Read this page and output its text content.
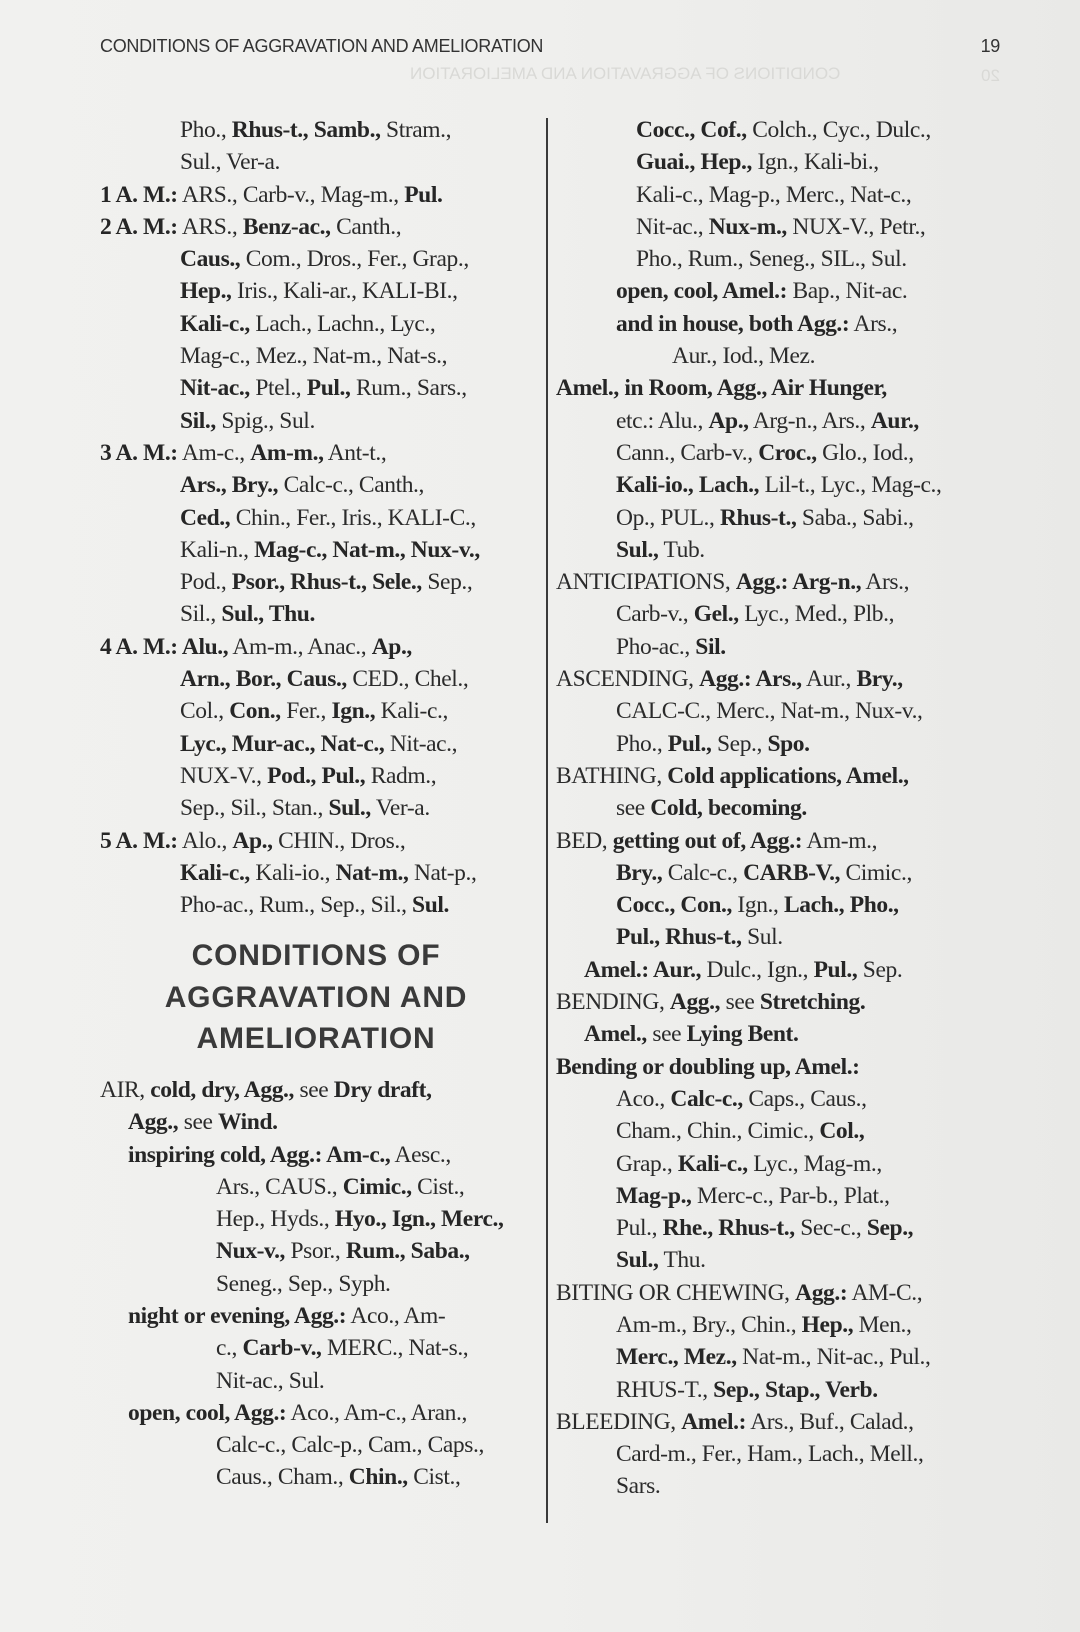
CONDITIONS OF AGGRAVATION AND AMELIORATION	19
20
CONDITIONS OF AGGRAVATION AND AMELIORATION
Pho., Rhus-t., Samb., Stram.,
Sul., Ver-a.
1 A. M.: ARS., Carb-v., Mag-m., Pul.
2 A. M.: ARS., Benz-ac., Canth.,
Caus., Com., Dros., Fer., Grap.,
Hep., Iris., Kali-ar., KALI-BI.,
Kali-c., Lach., Lachn., Lyc.,
Mag-c., Mez., Nat-m., Nat-s.,
Nit-ac., Ptel., Pul., Rum., Sars.,
Sil., Spig., Sul.
3 A. M.: Am-c., Am-m., Ant-t.,
Ars., Bry., Calc-c., Canth.,
Ced., Chin., Fer., Iris., KALI-C.,
Kali-n., Mag-c., Nat-m., Nux-v.,
Pod., Psor., Rhus-t., Sele., Sep.,
Sil., Sul., Thu.
4 A. M.: Alu., Am-m., Anac., Ap.,
Arn., Bor., Caus., CED., Chel.,
Col., Con., Fer., Ign., Kali-c.,
Lyc., Mur-ac., Nat-c., Nit-ac.,
NUX-V., Pod., Pul., Radm.,
Sep., Sil., Stan., Sul., Ver-a.
5 A. M.: Alo., Ap., CHIN., Dros.,
Kali-c., Kali-io., Nat-m., Nat-p.,
Pho-ac., Rum., Sep., Sil., Sul.
CONDITIONS OF
AGGRAVATION AND
AMELIORATION
AIR, cold, dry, Agg., see Dry draft,
Agg., see Wind.
inspiring cold, Agg.: Am-c., Aesc.,
Ars., CAUS., Cimic., Cist.,
Hep., Hyds., Hyo., Ign., Merc.,
Nux-v., Psor., Rum., Saba.,
Seneg., Sep., Syph.
night or evening, Agg.: Aco., Am-
c., Carb-v., MERC., Nat-s.,
Nit-ac., Sul.
open, cool, Agg.: Aco., Am-c., Aran.,
Calc-c., Calc-p., Cam., Caps.,
Caus., Cham., Chin., Cist.,
Cocc., Cof., Colch., Cyc., Dulc.,
Guai., Hep., Ign., Kali-bi.,
Kali-c., Mag-p., Merc., Nat-c.,
Nit-ac., Nux-m., NUX-V., Petr.,
Pho., Rum., Seneg., SIL., Sul.
open, cool, Amel.: Bap., Nit-ac.
and in house, both Agg.: Ars.,
Aur., Iod., Mez.
Amel., in Room, Agg., Air Hunger,
etc.: Alu., Ap., Arg-n., Ars., Aur.,
Cann., Carb-v., Croc., Glo., Iod.,
Kali-io., Lach., Lil-t., Lyc., Mag-c.,
Op., PUL., Rhus-t., Saba., Sabi.,
Sul., Tub.
ANTICIPATIONS, Agg.: Arg-n., Ars.,
Carb-v., Gel., Lyc., Med., Plb.,
Pho-ac., Sil.
ASCENDING, Agg.: Ars., Aur., Bry.,
CALC-C., Merc., Nat-m., Nux-v.,
Pho., Pul., Sep., Spo.
BATHING, Cold applications, Amel.,
see Cold, becoming.
BED, getting out of, Agg.: Am-m.,
Bry., Calc-c., CARB-V., Cimic.,
Cocc., Con., Ign., Lach., Pho.,
Pul., Rhus-t., Sul.
Amel.: Aur., Dulc., Ign., Pul., Sep.
BENDING, Agg., see Stretching.
Amel., see Lying Bent.
Bending or doubling up, Amel.:
Aco., Calc-c., Caps., Caus.,
Cham., Chin., Cimic., Col.,
Grap., Kali-c., Lyc., Mag-m.,
Mag-p., Merc-c., Par-b., Plat.,
Pul., Rhe., Rhus-t., Sec-c., Sep.,
Sul., Thu.
BITING OR CHEWING, Agg.: AM-C.,
Am-m., Bry., Chin., Hep., Men.,
Merc., Mez., Nat-m., Nit-ac., Pul.,
RHUS-T., Sep., Stap., Verb.
BLEEDING, Amel.: Ars., Buf., Calad.,
Card-m., Fer., Ham., Lach., Mell.,
Sars.
